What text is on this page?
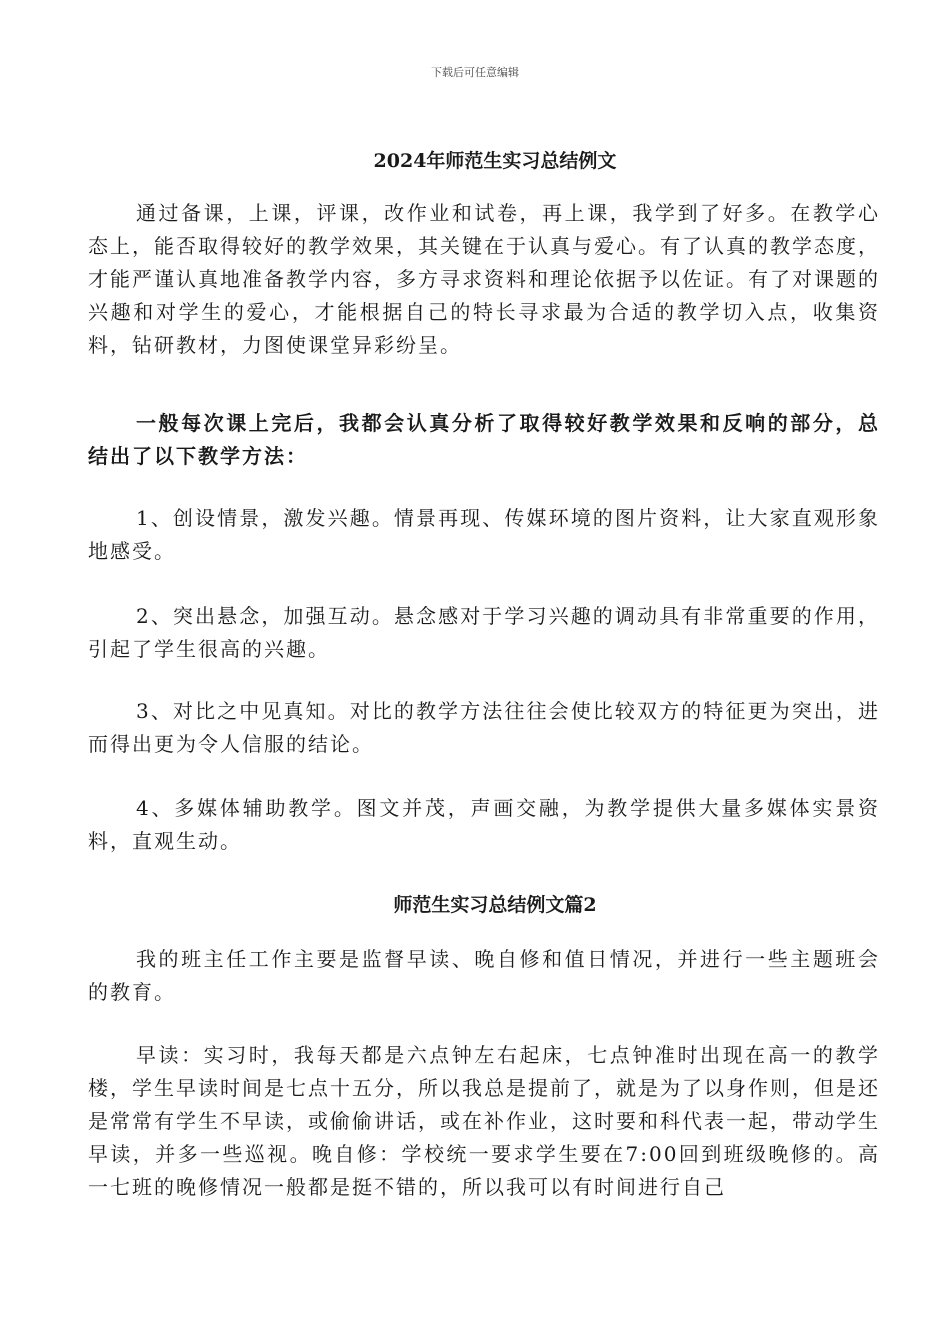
下载后可任意编辑
2024年师范生实习总结例文

通过备课，上课，评课，改作业和试卷，再上课，我学到了好多。在教学心态上，能否取得较好的教学效果，其关键在于认真与爱心。有了认真的教学态度，才能严谨认真地准备教学内容，多方寻求资料和理论依据予以佐证。有了对课题的兴趣和对学生的爱心，才能根据自己的特长寻求最为合适的教学切入点，收集资料，钻研教材，力图使课堂异彩纷呈。

一般每次课上完后，我都会认真分析了取得较好教学效果和反响的部分，总结出了以下教学方法：

1、创设情景，激发兴趣。情景再现、传媒环境的图片资料，让大家直观形象地感受。

2、突出悬念，加强互动。悬念感对于学习兴趣的调动具有非常重要的作用，引起了学生很高的兴趣。

3、对比之中见真知。对比的教学方法往往会使比较双方的特征更为突出，进而得出更为令人信服的结论。

4、多媒体辅助教学。图文并茂，声画交融，为教学提供大量多媒体实景资料，直观生动。

师范生实习总结例文篇2

我的班主任工作主要是监督早读、晚自修和值日情况，并进行一些主题班会的教育。

早读：实习时，我每天都是六点钟左右起床，七点钟准时出现在高一的教学楼，学生早读时间是七点十五分，所以我总是提前了，就是为了以身作则，但是还是常常有学生不早读，或偷偷讲话，或在补作业，这时要和科代表一起，带动学生早读，并多一些巡视。晚自修：学校统一要求学生要在7:00回到班级晚修的。高一七班的晚修情况一般都是挺不错的，所以我可以有时间进行自己
